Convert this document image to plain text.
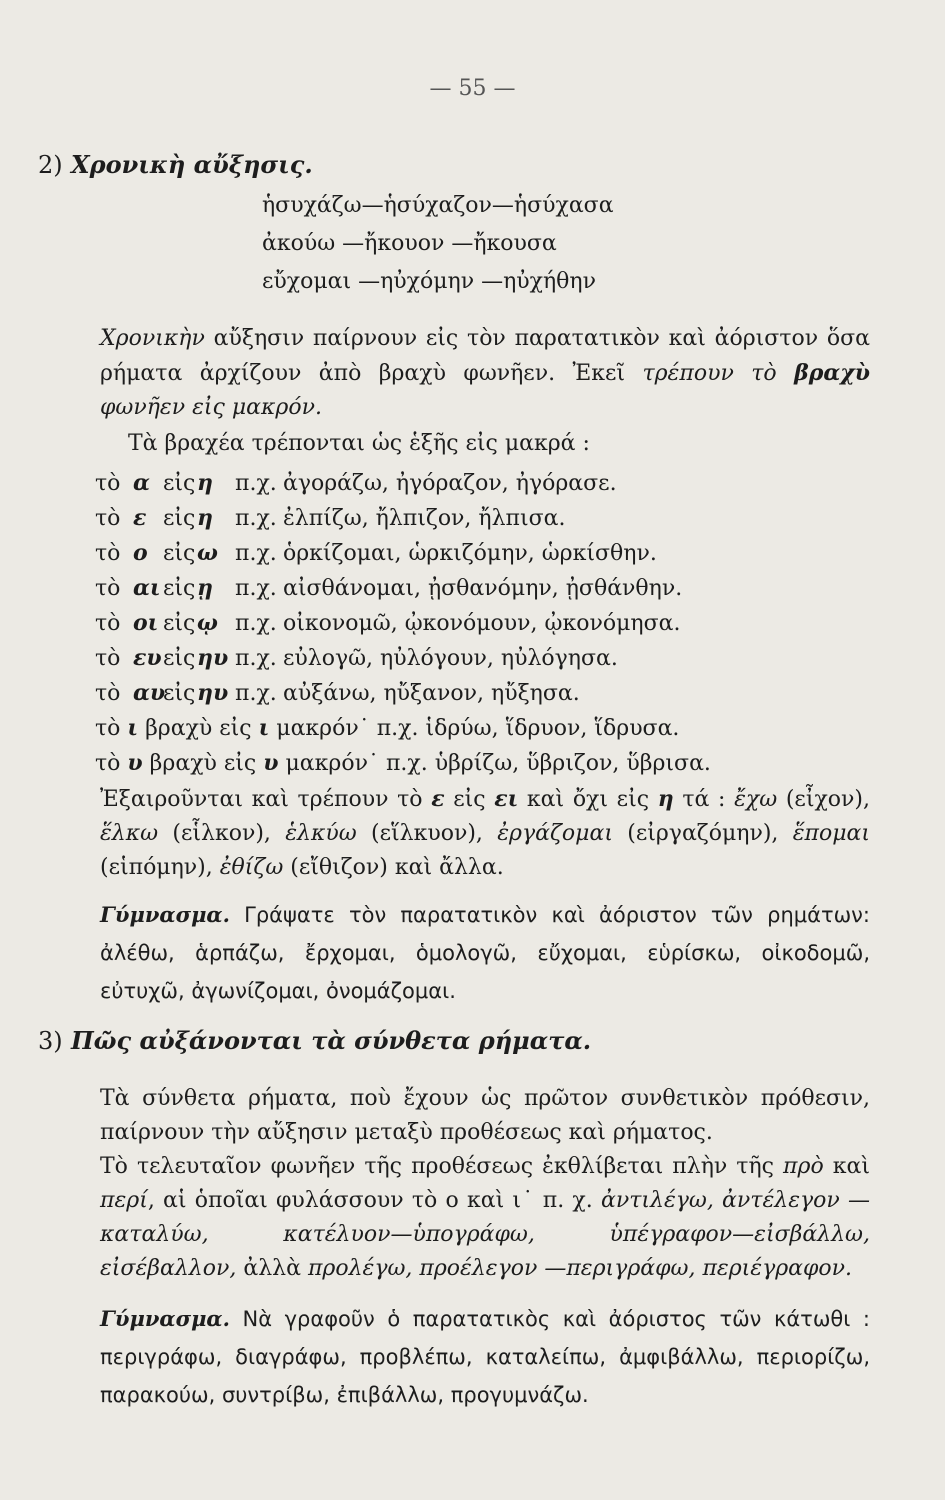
— 55 —
2) Χρονικὴ αὔξησις.
ἡσυχάζω—ἡσύχαζον—ἡσύχασα
ἀκούω —ἤκουον —ἤκουσα
εὔχομαι —ηὐχόμην —ηὐχήθην

Χρονικὴν αὔξησιν παίρνουν εἰς τὸν παρατατικὸν καὶ ἀόριστον ὅσα ρήματα ἀρχίζουν ἀπὸ βραχὺ φωνῆεν. Ἐκεῖ τρέπουν τὸ βραχὺ φωνῆεν εἰς μακρόν.

Τὰ βραχέα τρέπονται ὡς ἑξῆς εἰς μακρά :
τὸ α εἰςη π.χ. ἀγοράζω, ἠγόραζον, ἠγόρασε.
τὸ ε εἰςη π.χ. ἐλπίζω, ἤλπιζον, ἤλπισα.
τὸ ο εἰςω π.χ. ὁρκίζομαι, ὡρκιζόμην, ὡρκίσθην.
τὸ αι εἰςῃ π.χ. αἰσθάνομαι, ᾐσθανόμην, ᾐσθάνθην.
τὸ οι εἰςῳ π.χ. οἰκονομῶ, ᾠκονόμουν, ᾠκονόμησα.
τὸ ευεἰςηυ π.χ. εὐλογῶ, ηὐλόγουν, ηὐλόγησα.
τὸ αυεἰςηυ π.χ. αὐξάνω, ηὔξανον, ηὔξησα.
τὸ ι βραχὺ εἰς ι μακρόν˙ π.χ. ἱδρύω, ἵδρυον, ἵδρυσα.
τὸ υ βραχὺ εἰς υ μακρόν˙ π.χ. ὑβρίζω, ὕβριζον, ὕβρισα.

Ἐξαιροῦνται καὶ τρέπουν τὸ ε εἰς ει καὶ ὄχι εἰς η τά : ἔχω (εἶχον), ἕλκω (εἷλκον), ἑλκύω (εἵλκυον), ἐργάζομαι (εἰργαζόμην), ἕπομαι (εἱπόμην), ἐθίζω (εἴθιζον) καὶ ἄλλα.

Γύμνασμα. Γράψατε τὸν παρατατικὸν καὶ ἀόριστον τῶν ρημάτων: ἀλέθω, ἁρπάζω, ἔρχομαι, ὁμολογῶ, εὔχομαι, εὑρίσκω, οἰκοδομῶ, εὐτυχῶ, ἀγωνίζομαι, ὀνομάζομαι.

3) Πῶς αὐξάνονται τὰ σύνθετα ρήματα.

Τὰ σύνθετα ρήματα, ποὺ ἔχουν ὡς πρῶτον συνθετικὸν πρόθεσιν, παίρνουν τὴν αὔξησιν μεταξὺ προθέσεως καὶ ρήματος.

Τὸ τελευταῖον φωνῆεν τῆς προθέσεως ἐκθλίβεται πλὴν τῆς πρὸ καὶ περί, αἱ ὁποῖαι φυλάσσουν τὸ ο καὶ ι˙ π. χ. ἀντιλέγω, ἀντέλεγον —καταλύω, κατέλυον—ὑπογράφω, ὑπέγραφον—εἰσβάλλω, εἰσέβαλλον, ἀλλὰ προλέγω, προέλεγον —περιγράφω, περιέγραφον.

Γύμνασμα. Νὰ γραφοῦν ὁ παρατατικὸς καὶ ἀόριστος τῶν κάτωθι : περιγράφω, διαγράφω, προβλέπω, καταλείπω, ἀμφιβάλλω, περιορίζω, παρακούω, συντρίβω, ἐπιβάλλω, προγυμνάζω.
